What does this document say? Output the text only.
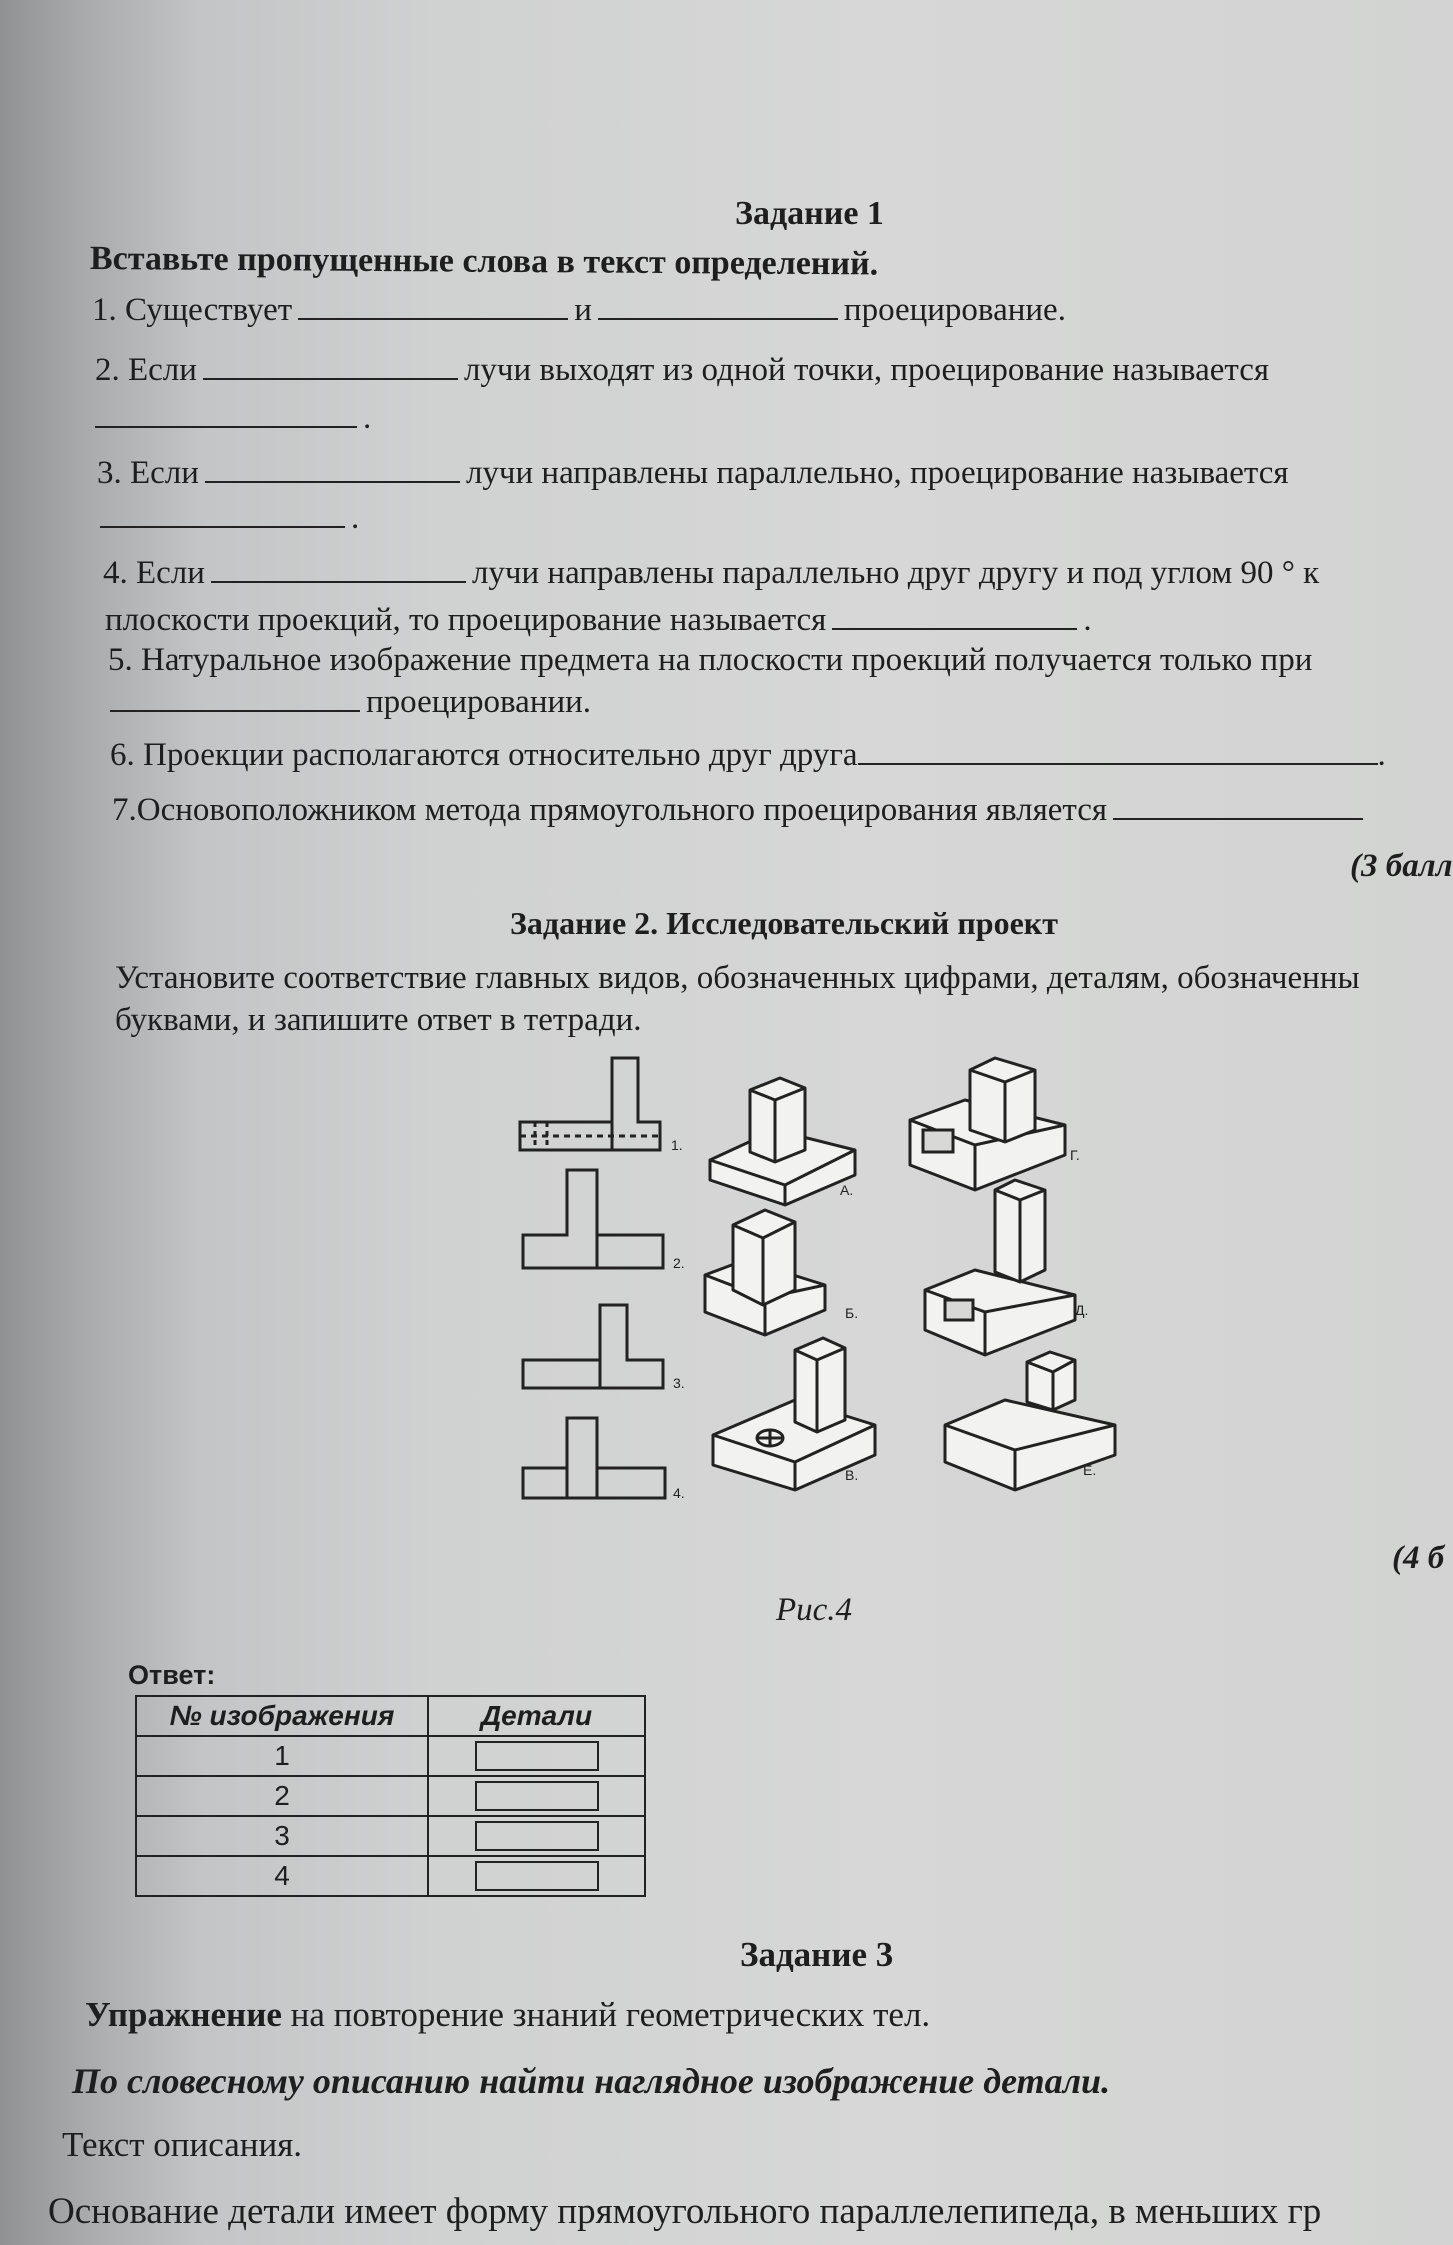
Задание 1
Вставьте пропущенные слова в текст определений.
1. Существует	и	проецирование.
2. Если	лучи выходят из одной точки, проецирование называется
.
3. Если	лучи направлены параллельно, проецирование называется
.
4. Если	лучи направлены параллельно друг другу и под углом 90 ° к
плоскости проекций, то проецирование называется	.
5. Натуральное изображение предмета на плоскости проекций получается только при
проецировании.
6. Проекции располагаются относительно друг друга	.
7.Основоположником метода прямоугольного проецирования является
(3 балл
Задание 2. Исследовательский проект
Установите соответствие главных видов, обозначенных цифрами, деталям, обозначенны
буквами, и запишите ответ в тетради.
1.
2.
3.
4.
А.
Б.
В.
Г.
Д.
Е.
(4 б
Рис.4
Ответ:
№ изображения	Детали
1	

2	

3	

4	
Задание 3
Упражнение на повторение знаний геометрических тел.
По словесному описанию найти наглядное изображение детали.
Текст описания.
Основание детали имеет форму прямоугольного параллелепипеда, в меньших гр
